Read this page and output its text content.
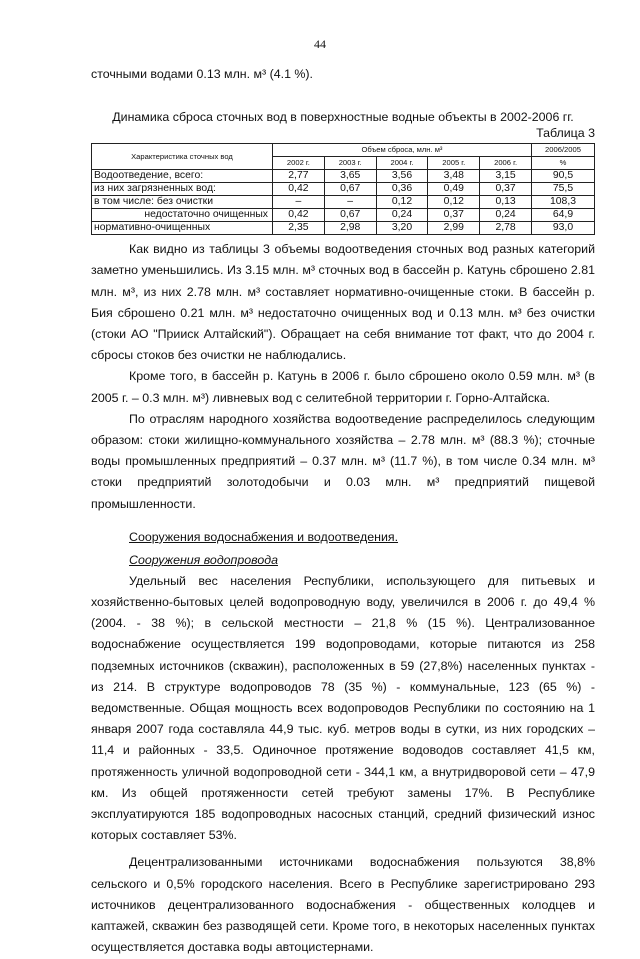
44

сточными водами 0.13 млн. м³ (4.1 %).

Динамика сброса сточных вод в поверхностные водные объекты в 2002-2006 гг.

Таблица 3

Характеристика сточных вод	Объем сброса, млн. м³					2006/2005
	2002 г.	2003 г.	2004 г.	2005 г.	2006 г.	%
Водоотведение, всего:	2,77	3,65	3,56	3,48	3,15	90,5
из них загрязненных вод:	0,42	0,67	0,36	0,49	0,37	75,5
в том числе: без очистки	–	–	0,12	0,12	0,13	108,3
недостаточно очищенных	0,42	0,67	0,24	0,37	0,24	64,9
нормативно-очищенных	2,35	2,98	3,20	2,99	2,78	93,0

Как видно из таблицы 3 объемы водоотведения сточных вод разных категорий заметно уменьшились. Из 3.15 млн. м³ сточных вод в бассейн р. Катунь сброшено 2.81 млн. м³, из них 2.78 млн. м³ составляет нормативно-очищенные стоки. В бассейн р. Бия сброшено 0.21 млн. м³ недостаточно очищенных вод и 0.13 млн. м³ без очистки (стоки АО "Прииск Алтайский"). Обращает на себя внимание тот факт, что до 2004 г. сбросы стоков без очистки не наблюдались.

Кроме того, в бассейн р. Катунь в 2006 г. было сброшено около 0.59 млн. м³ (в 2005 г. – 0.3 млн. м³) ливневых вод с селитебной территории г. Горно-Алтайска.

По отраслям народного хозяйства водоотведение распределилось следующим образом: стоки жилищно-коммунального хозяйства – 2.78 млн. м³ (88.3 %); сточные воды промышленных предприятий – 0.37 млн. м³ (11.7 %), в том числе 0.34 млн. м³ стоки предприятий золотодобычи и 0.03 млн. м³ предприятий пищевой промышленности.

Сооружения водоснабжения и водоотведения.

Сооружения водопровода

Удельный вес населения Республики, использующего для питьевых и хозяйственно-бытовых целей водопроводную воду, увеличился в 2006 г. до 49,4 % (2004. - 38 %); в сельской местности – 21,8 % (15 %). Централизованное водоснабжение осуществляется 199 водопроводами, которые питаются из 258 подземных источников (скважин), расположенных в 59 (27,8%) населенных пунктах - из 214. В структуре водопроводов 78 (35 %) - коммунальные, 123 (65 %) - ведомственные. Общая мощность всех водопроводов Республики по состоянию на 1 января 2007 года составляла 44,9 тыс. куб. метров воды в сутки, из них городских – 11,4 и районных - 33,5. Одиночное протяжение водоводов составляет 41,5 км, протяженность уличной водопроводной сети - 344,1 км, а внутридворовой сети – 47,9 км. Из общей протяженности сетей требуют замены 17%. В Республике эксплуатируются 185 водопроводных насосных станций, средний физический износ которых составляет 53%.

Децентрализованными источниками водоснабжения пользуются 38,8% сельского и 0,5% городского населения. Всего в Республике зарегистрировано 293 источников децентрализованного водоснабжения - общественных колодцев и каптажей, скважин без разводящей сети. Кроме того, в некоторых населенных пунктах осуществляется доставка воды автоцистернами.
